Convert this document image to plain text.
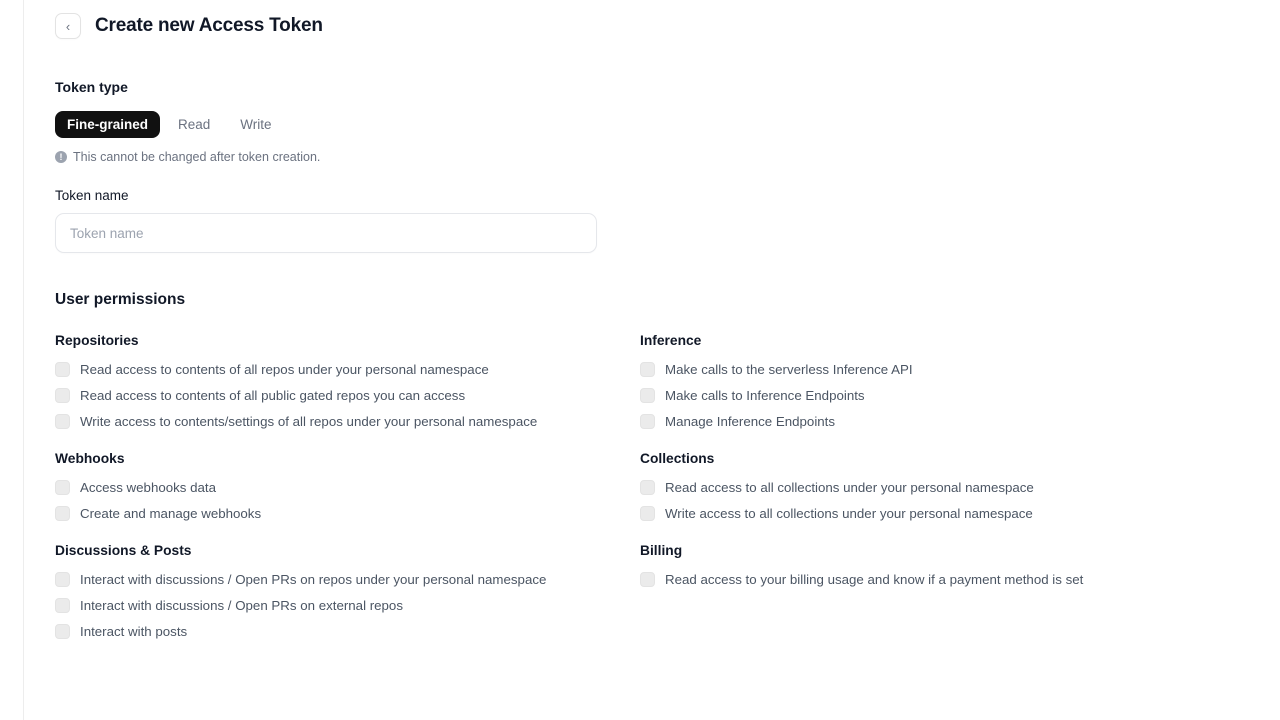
‹ Create new Access Token
Token type
Fine-grained	Read	Write
! This cannot be changed after token creation.
Token name
Token name
User permissions
Repositories
Read access to contents of all repos under your personal namespace
Read access to contents of all public gated repos you can access
Write access to contents/settings of all repos under your personal namespace
Webhooks
Access webhooks data
Create and manage webhooks
Discussions & Posts
Interact with discussions / Open PRs on repos under your personal namespace
Interact with discussions / Open PRs on external repos
Interact with posts
Inference
Make calls to the serverless Inference API
Make calls to Inference Endpoints
Manage Inference Endpoints
Collections
Read access to all collections under your personal namespace
Write access to all collections under your personal namespace
Billing
Read access to your billing usage and know if a payment method is set
